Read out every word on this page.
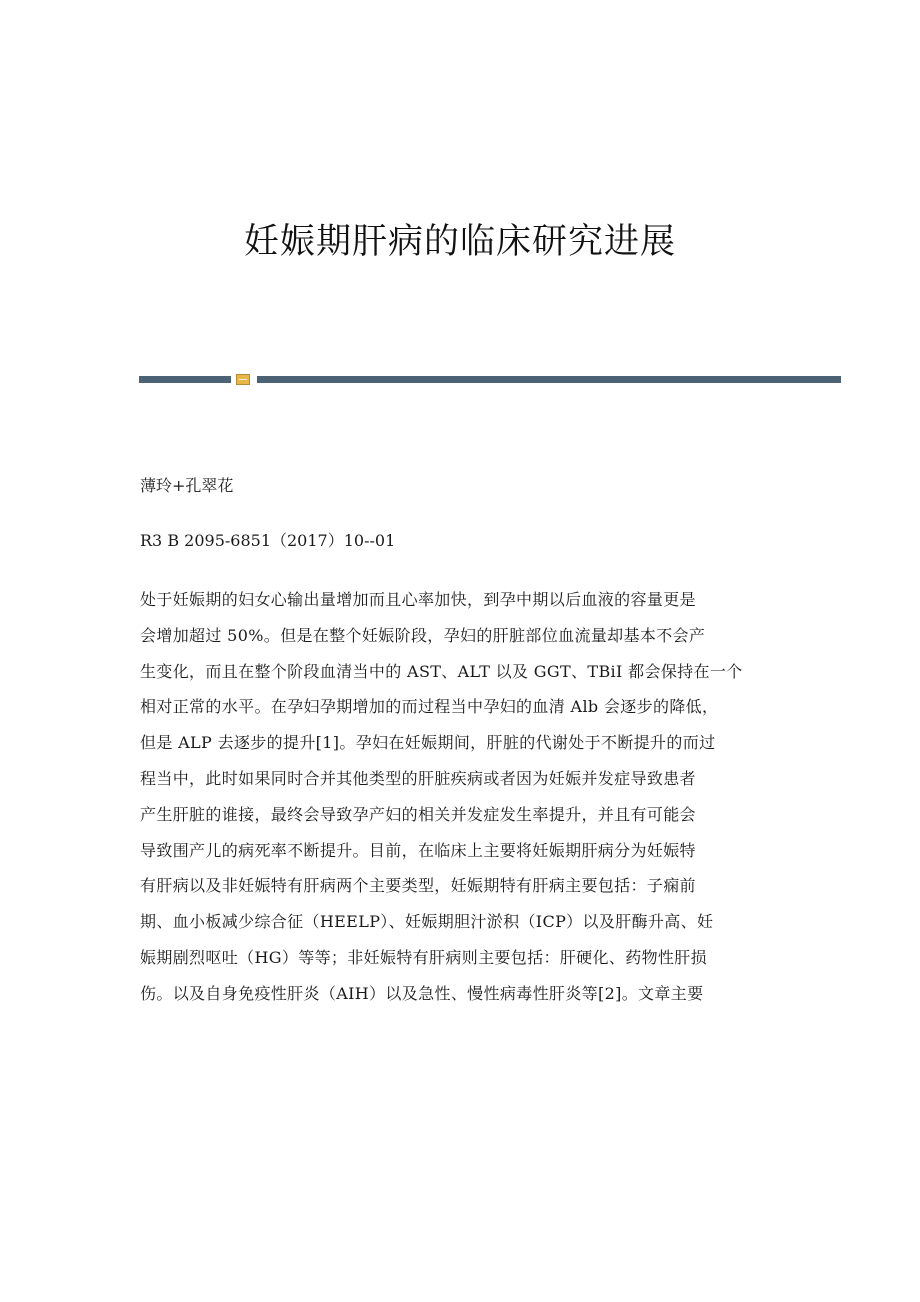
妊娠期肝病的临床研究进展

薄玲+孔翠花

R3 B 2095-6851（2017）10--01

处于妊娠期的妇女心输出量增加而且心率加快，到孕中期以后血液的容量更是
会增加超过 50%。但是在整个妊娠阶段，孕妇的肝脏部位血流量却基本不会产
生变化，而且在整个阶段血清当中的 AST、ALT 以及 GGT、TBiI 都会保持在一个
相对正常的水平。在孕妇孕期增加的而过程当中孕妇的血清 Alb 会逐步的降低，
但是 ALP 去逐步的提升[1]。孕妇在妊娠期间，肝脏的代谢处于不断提升的而过
程当中，此时如果同时合并其他类型的肝脏疾病或者因为妊娠并发症导致患者
产生肝脏的谁接，最终会导致孕产妇的相关并发症发生率提升，并且有可能会
导致围产儿的病死率不断提升。目前，在临床上主要将妊娠期肝病分为妊娠特
有肝病以及非妊娠特有肝病两个主要类型，妊娠期特有肝病主要包括：子痫前
期、血小板减少综合征（HEELP）、妊娠期胆汁淤积（ICP）以及肝酶升高、妊
娠期剧烈呕吐（HG）等等；非妊娠特有肝病则主要包括：肝硬化、药物性肝损
伤。以及自身免疫性肝炎（AIH）以及急性、慢性病毒性肝炎等[2]。文章主要
